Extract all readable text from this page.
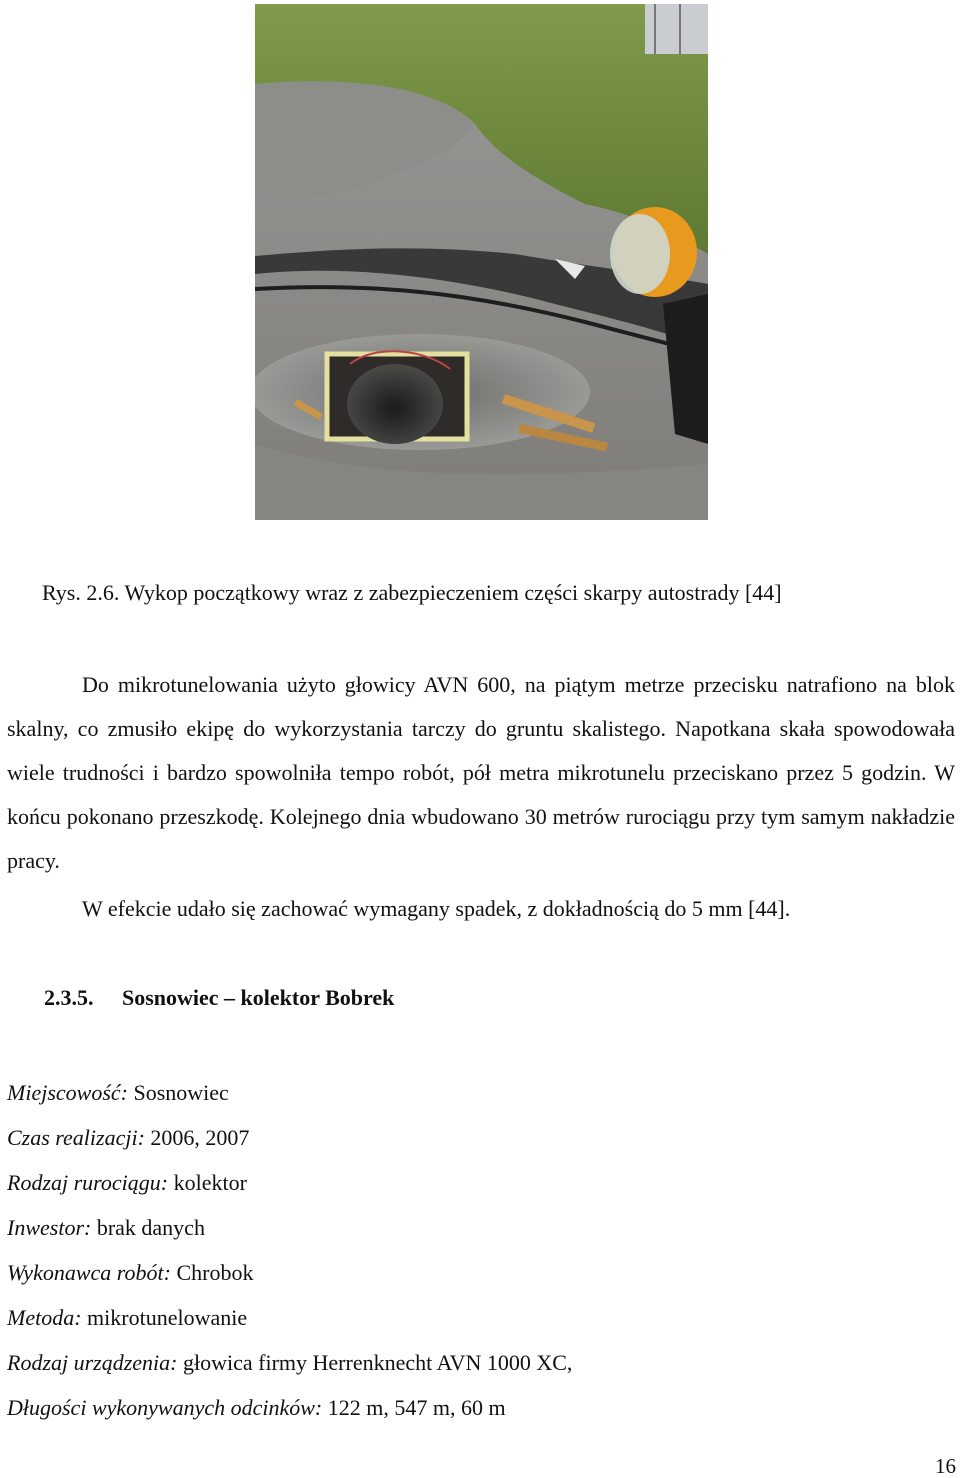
Rys. 2.6. Wykop początkowy wraz z zabezpieczeniem części skarpy autostrady [44]
Do mikrotunelowania użyto głowicy AVN 600, na piątym metrze przecisku natrafiono na blok skalny, co zmusiło ekipę do wykorzystania tarczy do gruntu skalistego. Napotkana skała spowodowała wiele trudności i bardzo spowolniła tempo robót, pół metra mikrotunelu przeciskano przez 5 godzin. W końcu pokonano przeszkodę. Kolejnego dnia wbudowano 30 metrów rurociągu przy tym samym nakładzie pracy.
W efekcie udało się zachować wymagany spadek, z dokładnością do 5 mm [44].
2.3.5. Sosnowiec – kolektor Bobrek
Miejscowość: Sosnowiec
Czas realizacji: 2006, 2007
Rodzaj rurociągu: kolektor
Inwestor: brak danych
Wykonawca robót: Chrobok
Metoda: mikrotunelowanie
Rodzaj urządzenia: głowica firmy Herrenknecht AVN 1000 XC,
Długości wykonywanych odcinków: 122 m, 547 m, 60 m
16
